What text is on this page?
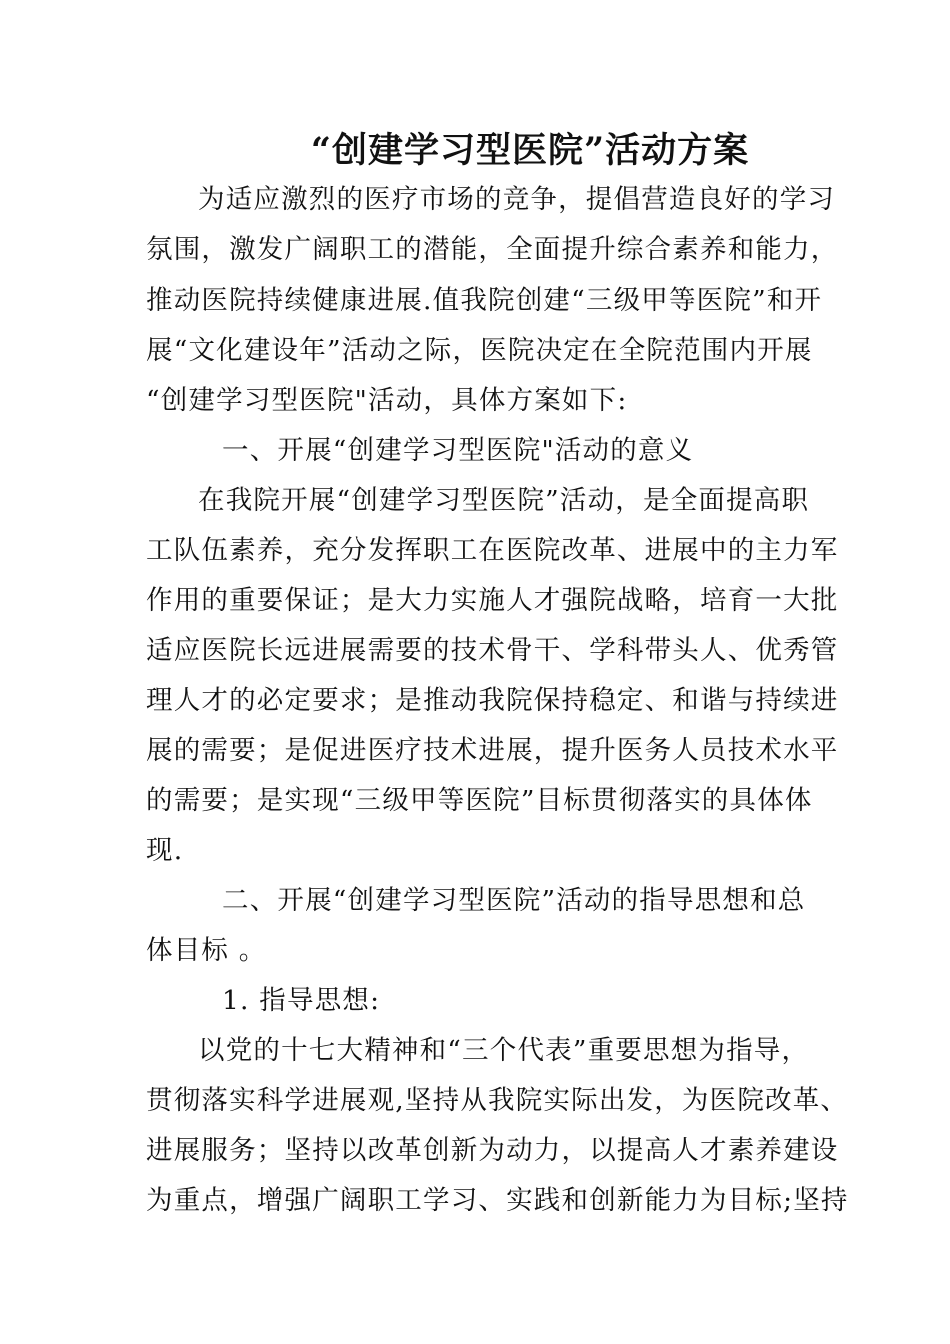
“创建学习型医院”活动方案
为适应激烈的医疗市场的竞争，提倡营造良好的学习
氛围，激发广阔职工的潜能，全面提升综合素养和能力，
推动医院持续健康进展.值我院创建“三级甲等医院”和开
展“文化建设年”活动之际，医院决定在全院范围内开展
“创建学习型医院"活动，具体方案如下:
一、开展“创建学习型医院"活动的意义
在我院开展“创建学习型医院”活动，是全面提高职
工队伍素养，充分发挥职工在医院改革、进展中的主力军
作用的重要保证；是大力实施人才强院战略，培育一大批
适应医院长远进展需要的技术骨干、学科带头人、优秀管
理人才的必定要求；是推动我院保持稳定、和谐与持续进
展的需要；是促进医疗技术进展，提升医务人员技术水平
的需要；是实现“三级甲等医院”目标贯彻落实的具体体
现.
二、开展“创建学习型医院”活动的指导思想和总
体目标 。
1. 指导思想:
以党的十七大精神和“三个代表”重要思想为指导，
贯彻落实科学进展观,坚持从我院实际出发，为医院改革、
进展服务；坚持以改革创新为动力，以提高人才素养建设
为重点，增强广阔职工学习、实践和创新能力为目标;坚持
